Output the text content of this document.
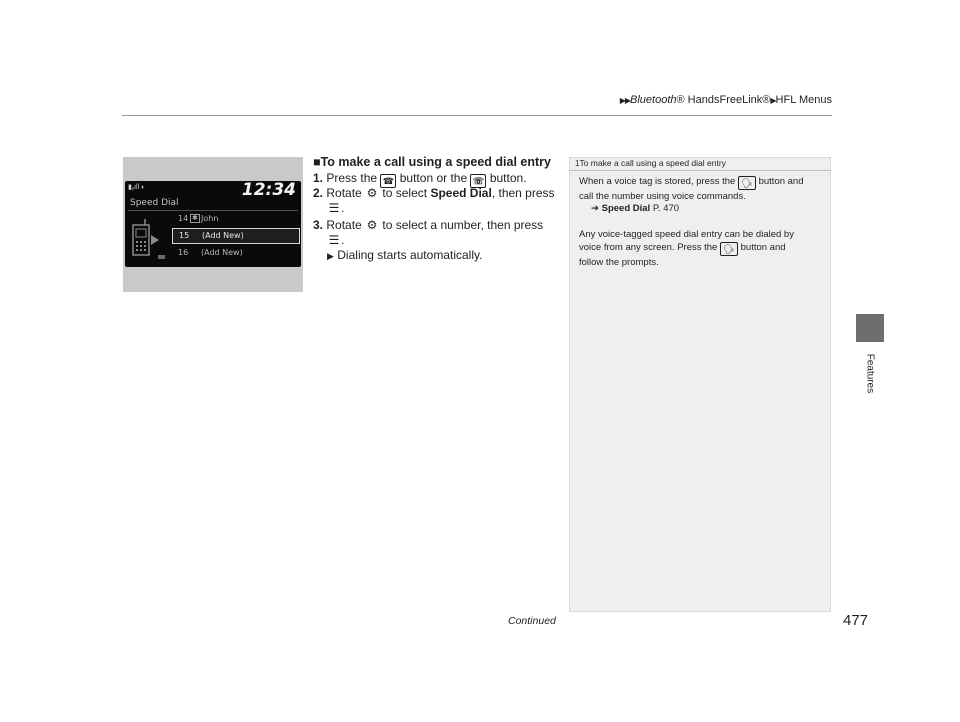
▶▶Bluetooth® HandsFreeLink®▶HFL Menus
Features
▮ᵧıll ◐	12:34
Speed Dial
14 ✱ John
15 (Add New)
16 (Add New)
■To make a call using a speed dial entry
1. Press the ☎ button or the ☏ button.
2. Rotate ⚙ to select Speed Dial, then press
☰ .
3. Rotate ⚙ to select a number, then press
☰ .
▶ Dialing starts automatically.
1To make a call using a speed dial entry
When a voice tag is stored, press the 🗣 button and
call the number using voice commands.
➔ Speed Dial P. 470
Any voice-tagged speed dial entry can be dialed by
voice from any screen. Press the 🗣 button and
follow the prompts.
Continued	477
